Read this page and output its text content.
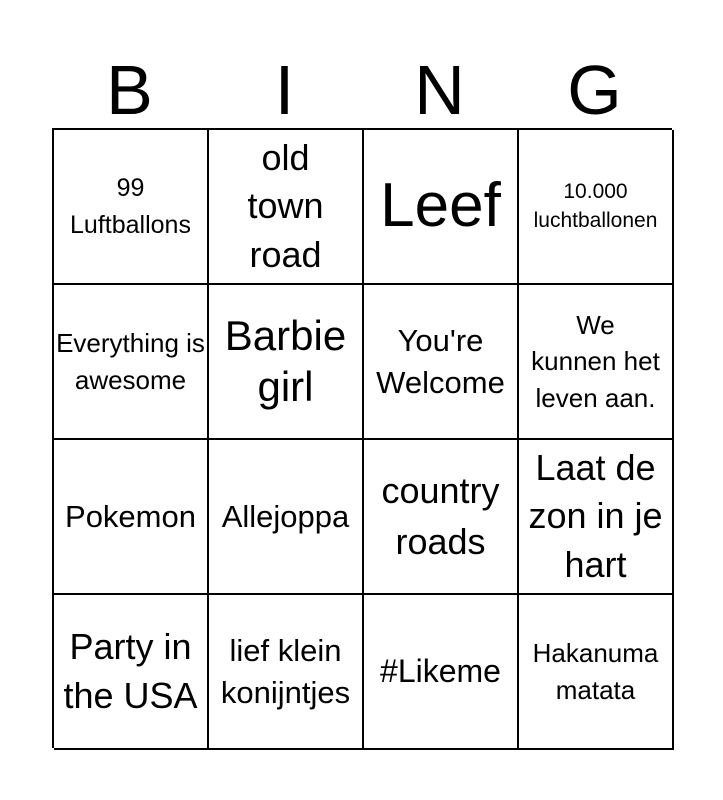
B	I	N	G
99 Luftballons
old town road
Leef	10.000 luchtballonen
Everything is awesome
Barbie girl
You're Welcome
We kunnen het leven aan.
Pokemon Allejoppa
country roads
Laat de zon in je hart
Party in the USA
lief klein konijntjes
#Likeme
Hakanuma matata
